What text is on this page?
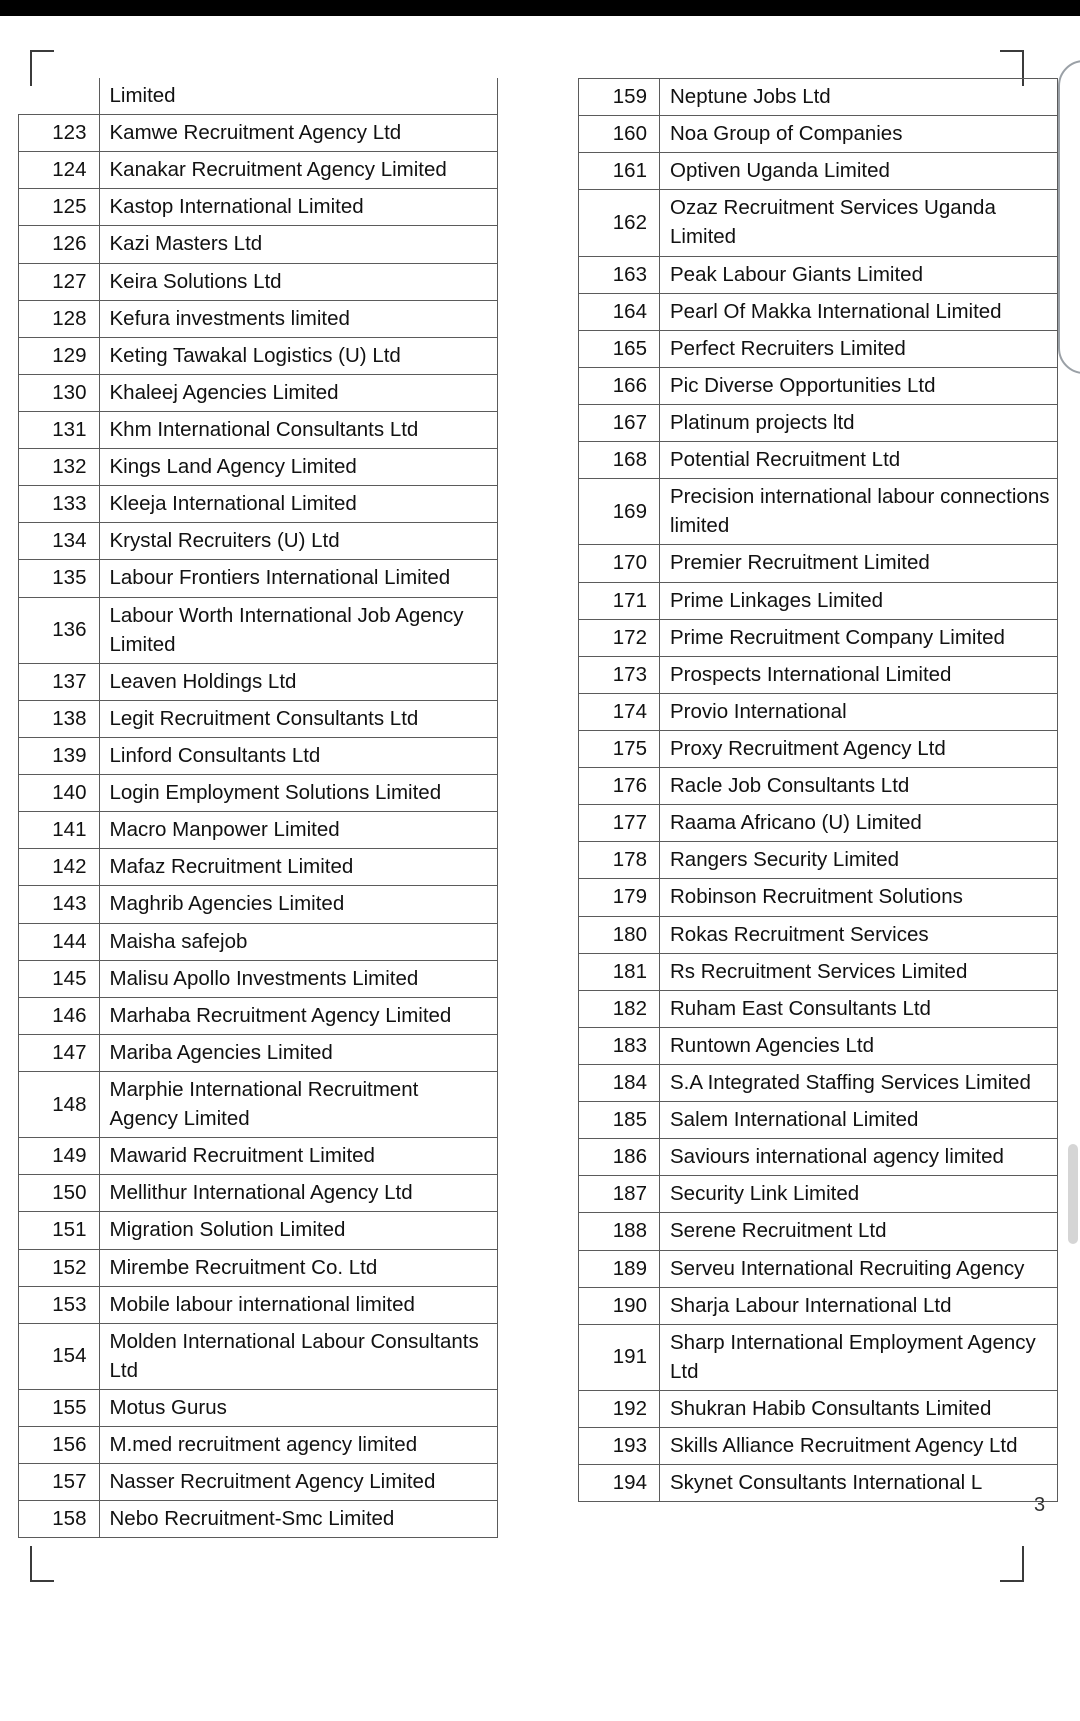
	Limited
123	Kamwe Recruitment Agency Ltd
124	Kanakar Recruitment Agency Limited
125	Kastop International Limited
126	Kazi Masters Ltd
127	Keira Solutions Ltd
128	Kefura investments limited
129	Keting Tawakal Logistics (U) Ltd
130	Khaleej Agencies Limited
131	Khm International Consultants Ltd
132	Kings Land Agency Limited
133	Kleeja International Limited
134	Krystal Recruiters (U) Ltd
135	Labour Frontiers International Limited
136	Labour Worth International Job Agency Limited
137	Leaven Holdings Ltd
138	Legit Recruitment Consultants Ltd
139	Linford Consultants Ltd
140	Login Employment Solutions Limited
141	Macro Manpower Limited
142	Mafaz Recruitment Limited
143	Maghrib Agencies Limited
144	Maisha safejob
145	Malisu Apollo Investments Limited
146	Marhaba Recruitment Agency Limited
147	Mariba Agencies Limited
148	Marphie International Recruitment Agency Limited
149	Mawarid Recruitment Limited
150	Mellithur International Agency Ltd
151	Migration Solution Limited
152	Mirembe Recruitment Co. Ltd
153	Mobile labour international limited
154	Molden International Labour Consultants Ltd
155	Motus Gurus
156	M.med recruitment agency limited
157	Nasser Recruitment Agency Limited
158	Nebo Recruitment-Smc Limited
159	Neptune Jobs Ltd
160	Noa Group of Companies
161	Optiven Uganda Limited
162	Ozaz Recruitment Services Uganda Limited
163	Peak Labour Giants Limited
164	Pearl Of Makka International Limited
165	Perfect Recruiters Limited
166	Pic Diverse Opportunities Ltd
167	Platinum projects ltd
168	Potential Recruitment Ltd
169	Precision international labour connections limited
170	Premier Recruitment Limited
171	Prime Linkages Limited
172	Prime Recruitment Company Limited
173	Prospects International Limited
174	Provio International
175	Proxy Recruitment Agency Ltd
176	Racle Job Consultants Ltd
177	Raama Africano (U) Limited
178	Rangers Security Limited
179	Robinson Recruitment Solutions
180	Rokas Recruitment Services
181	Rs Recruitment Services Limited
182	Ruham East Consultants Ltd
183	Runtown Agencies Ltd
184	S.A Integrated Staffing Services Limited
185	Salem International Limited
186	Saviours international agency limited
187	Security Link Limited
188	Serene Recruitment Ltd
189	Serveu International Recruiting Agency
190	Sharja Labour International Ltd
191	Sharp International Employment Agency Ltd
192	Shukran Habib Consultants Limited
193	Skills Alliance Recruitment Agency Ltd
194	Skynet Consultants International L
3
